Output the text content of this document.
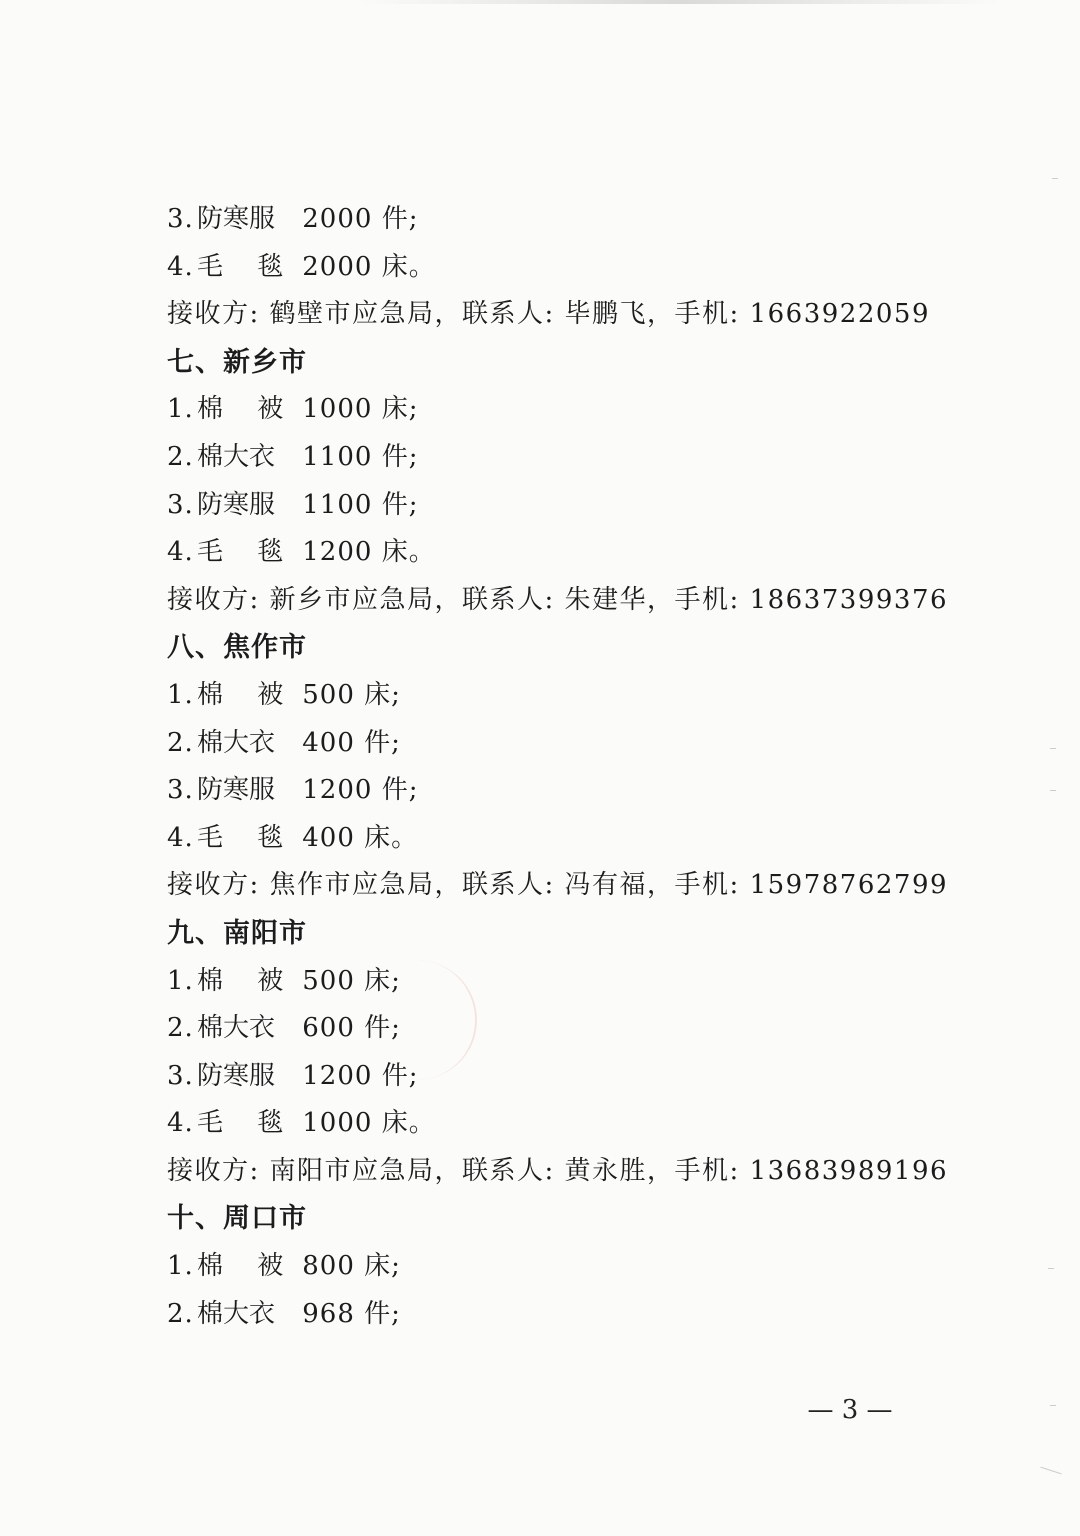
3. 防寒服 2000 件;
4. 毛　 毯 2000 床。
接收方: 鹤壁市应急局，联系人: 毕鹏飞，手机: 1663922059
七、新乡市
1. 棉　 被 1000 床;
2. 棉大衣 1100 件;
3. 防寒服 1100 件;
4. 毛　 毯 1200 床。
接收方: 新乡市应急局，联系人: 朱建华，手机: 18637399376
八、焦作市
1. 棉　 被 500 床;
2. 棉大衣 400 件;
3. 防寒服 1200 件;
4. 毛　 毯 400 床。
接收方: 焦作市应急局，联系人: 冯有福，手机: 15978762799
九、南阳市
1. 棉　 被 500 床;
2. 棉大衣 600 件;
3. 防寒服 1200 件;
4. 毛　 毯 1000 床。
接收方: 南阳市应急局，联系人: 黄永胜，手机: 13683989196
十、周口市
1. 棉　 被 800 床;
2. 棉大衣 968 件;
— 3 —
